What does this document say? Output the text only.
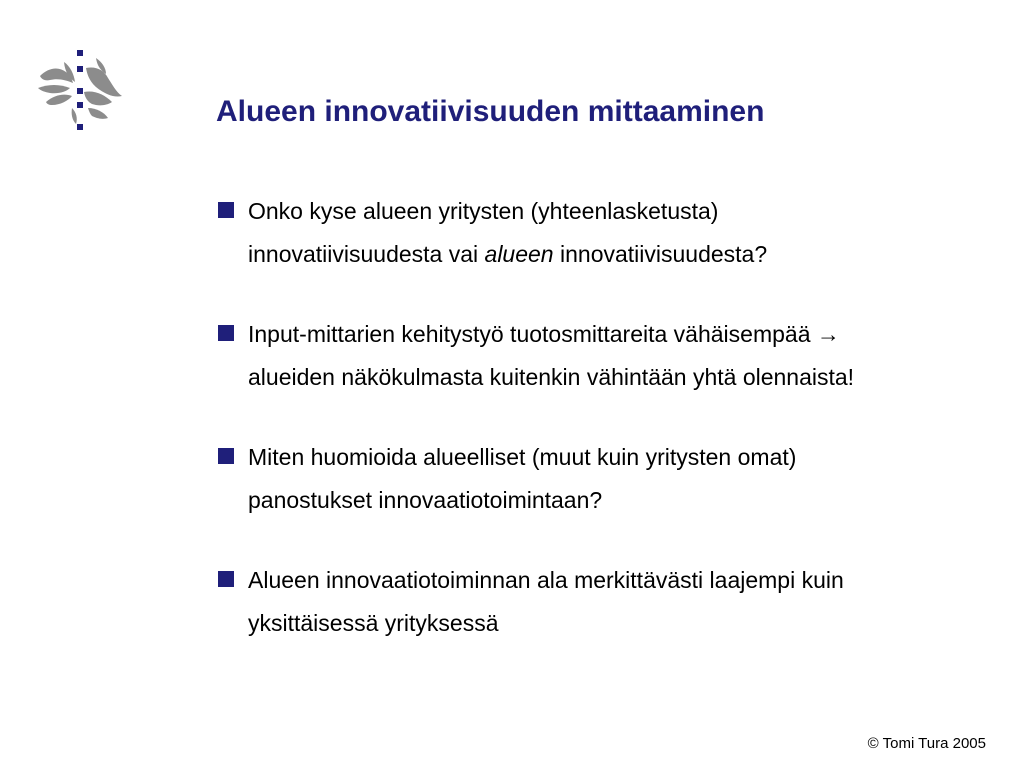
Alueen innovatiivisuuden mittaaminen
Onko kyse alueen yritysten (yhteenlasketusta)
innovatiivisuudesta vai alueen innovatiivisuudesta?
Input-mittarien kehitystyö tuotosmittareita vähäisempää →
alueiden näkökulmasta kuitenkin vähintään yhtä olennaista!
Miten huomioida alueelliset (muut kuin yritysten omat)
panostukset innovaatiotoimintaan?
Alueen innovaatiotoiminnan ala merkittävästi laajempi kuin
yksittäisessä yrityksessä
© Tomi Tura 2005
